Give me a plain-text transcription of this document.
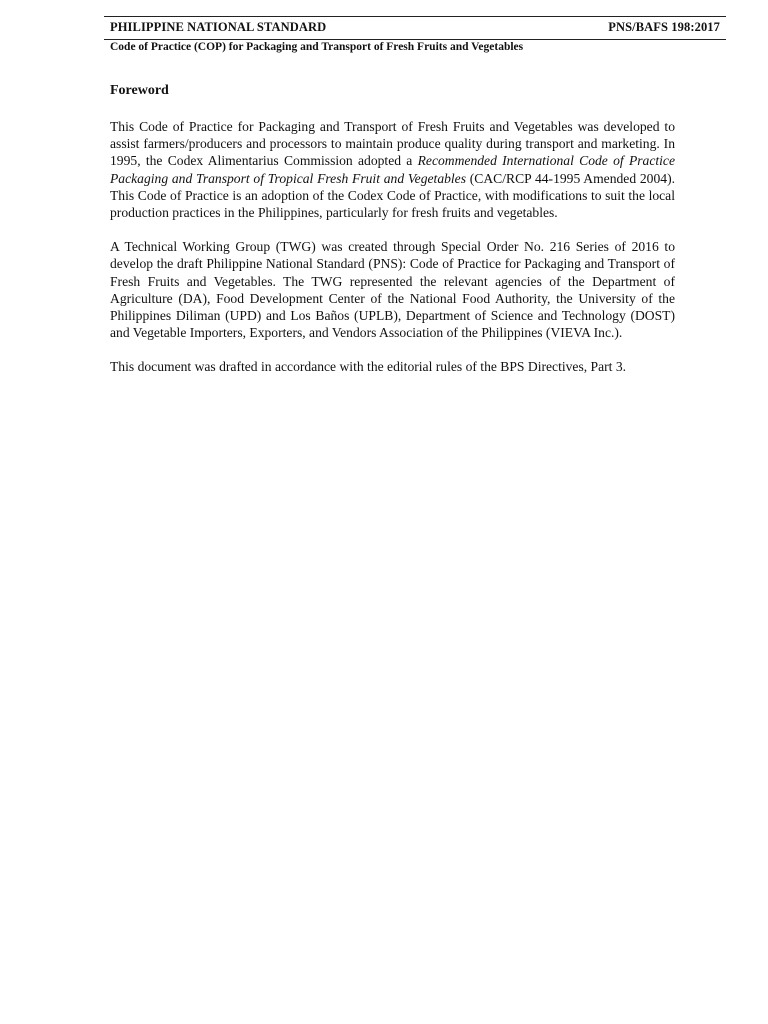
PHILIPPINE NATIONAL STANDARD	PNS/BAFS 198:2017
Code of Practice (COP) for Packaging and Transport of Fresh Fruits and Vegetables
Foreword

This Code of Practice for Packaging and Transport of Fresh Fruits and Vegetables was developed to assist farmers/producers and processors to maintain produce quality during transport and marketing. In 1995, the Codex Alimentarius Commission adopted a Recommended International Code of Practice Packaging and Transport of Tropical Fresh Fruit and Vegetables (CAC/RCP 44-1995 Amended 2004). This Code of Practice is an adoption of the Codex Code of Practice, with modifications to suit the local production practices in the Philippines, particularly for fresh fruits and vegetables.

A Technical Working Group (TWG) was created through Special Order No. 216 Series of 2016 to develop the draft Philippine National Standard (PNS): Code of Practice for Packaging and Transport of Fresh Fruits and Vegetables. The TWG represented the relevant agencies of the Department of Agriculture (DA), Food Development Center of the National Food Authority, the University of the Philippines Diliman (UPD) and Los Baños (UPLB), Department of Science and Technology (DOST) and Vegetable Importers, Exporters, and Vendors Association of the Philippines (VIEVA Inc.).

This document was drafted in accordance with the editorial rules of the BPS Directives, Part 3.
